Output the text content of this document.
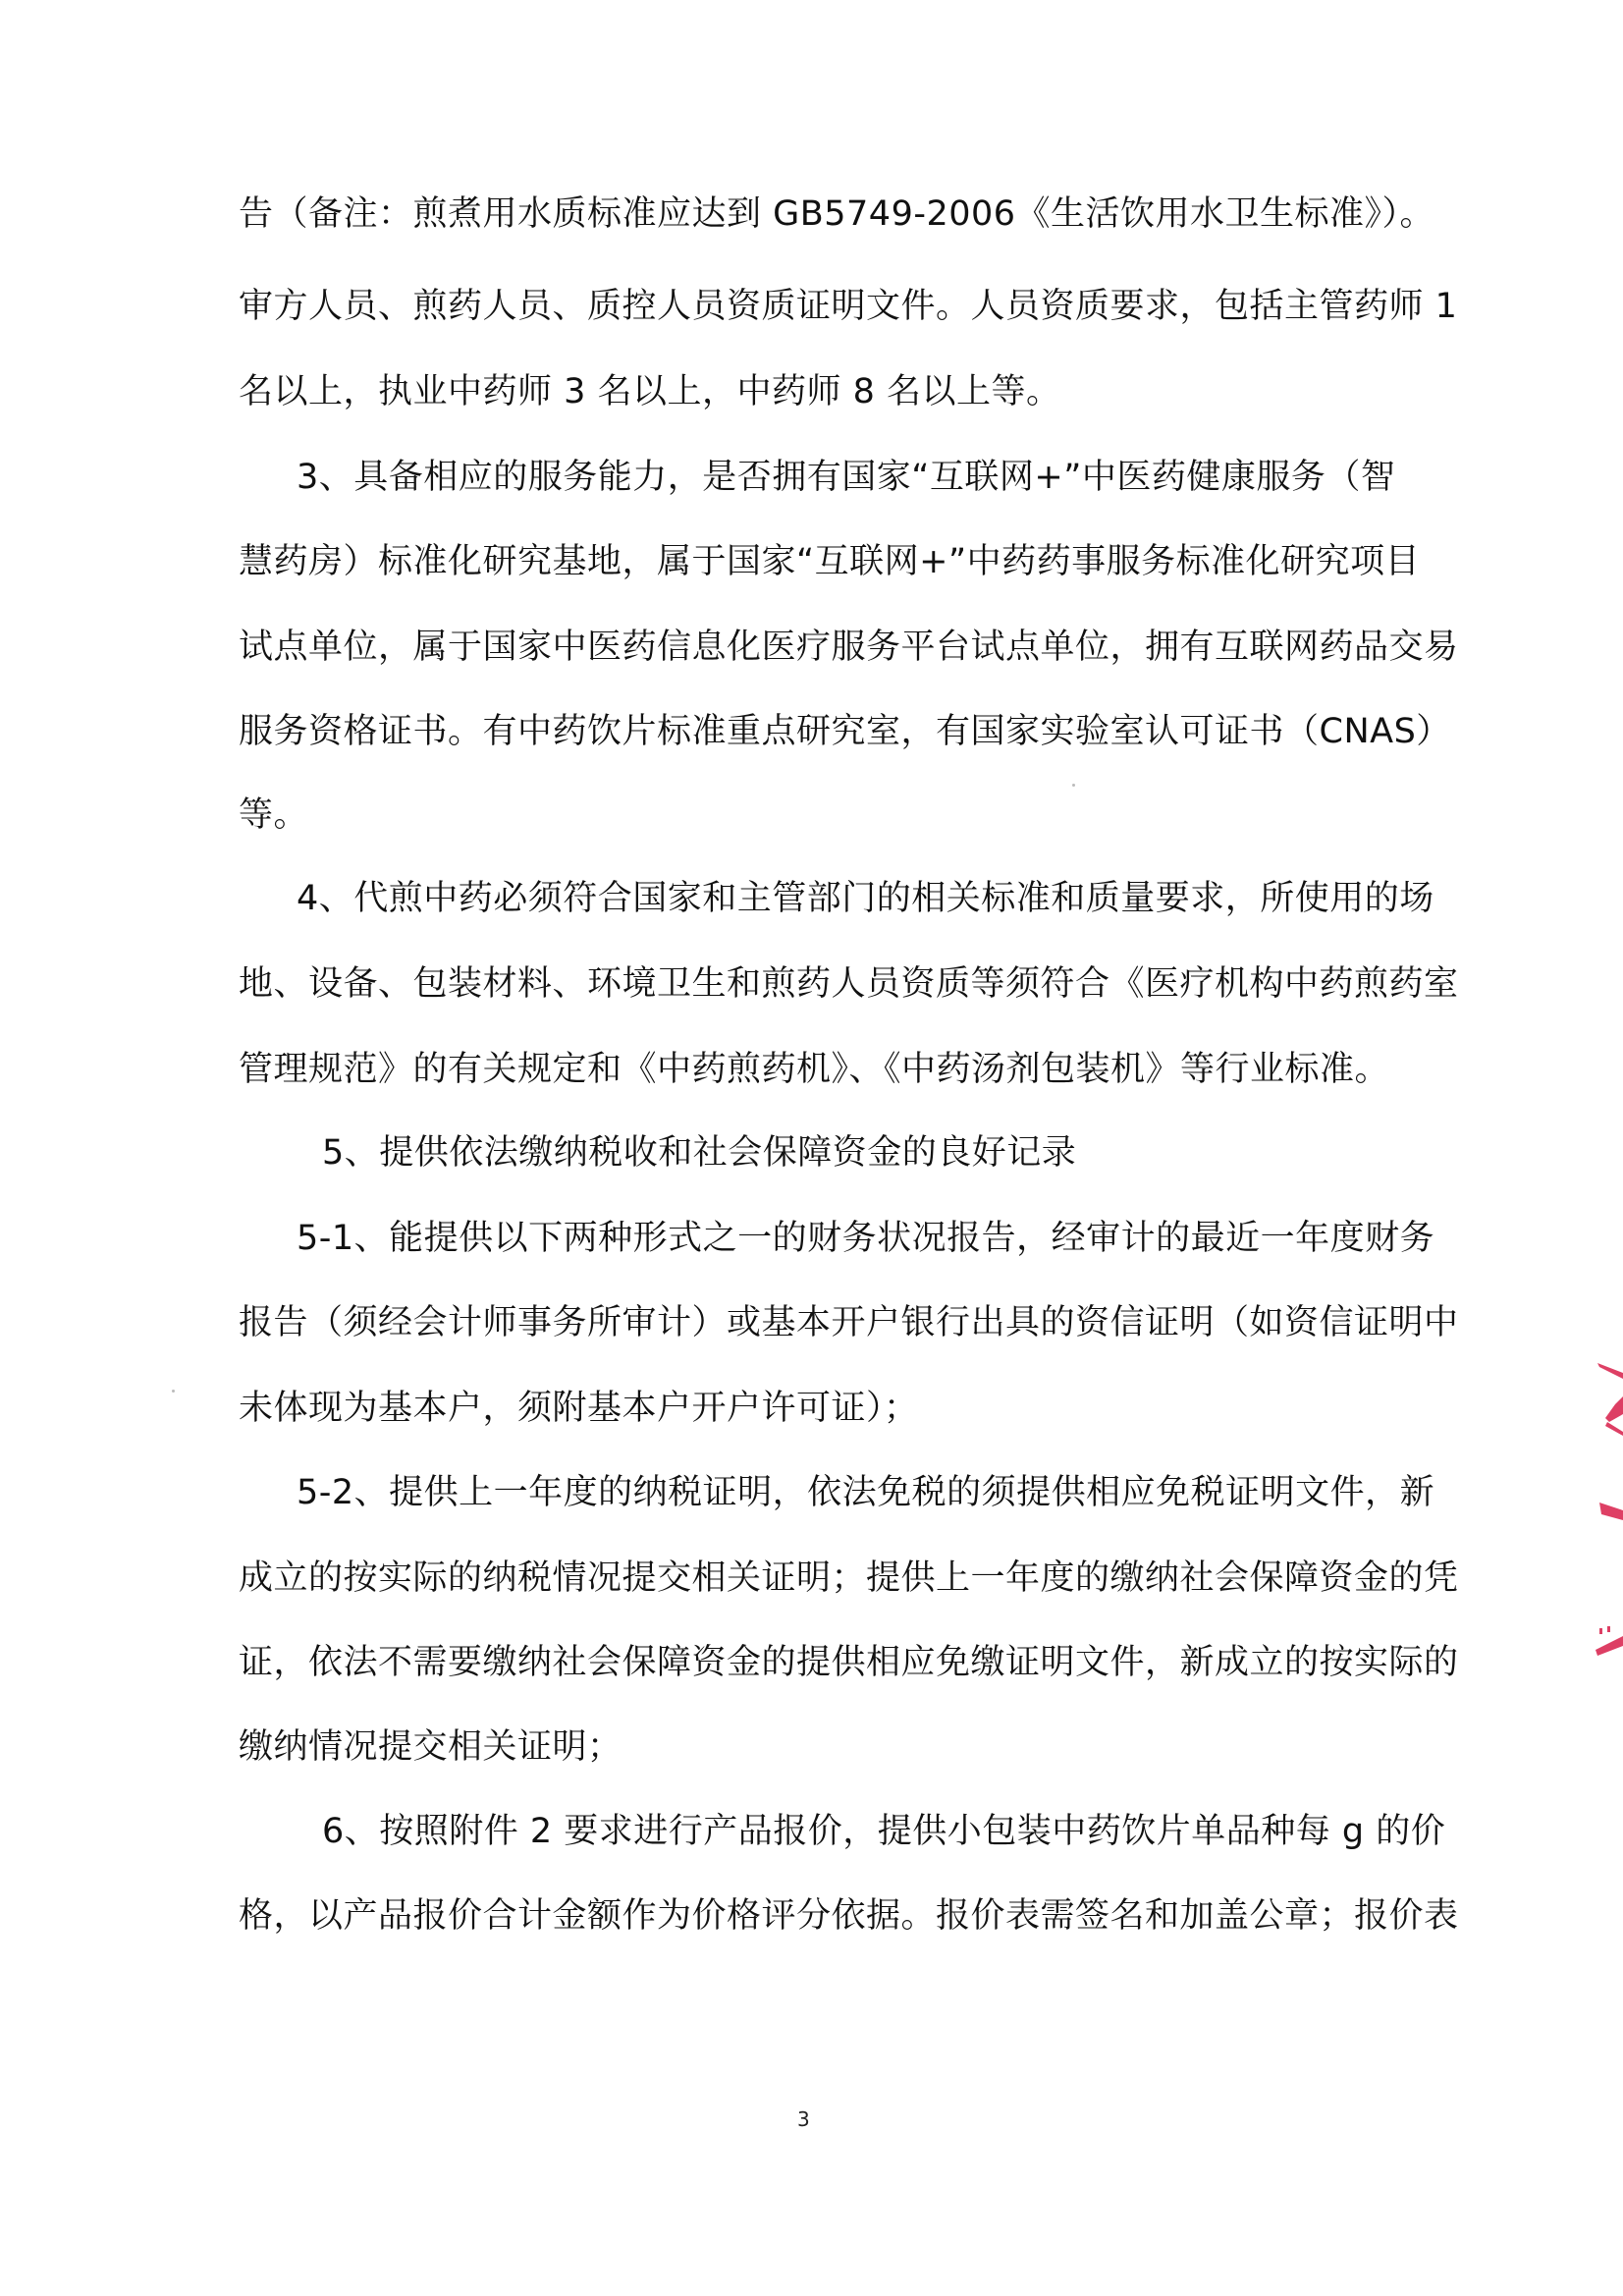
告（备注：煎煮用水质标准应达到 GB5749-2006《生活饮用水卫生标准》）。
审方人员、煎药人员、质控人员资质证明文件。人员资质要求，包括主管药师 1
名以上，执业中药师 3 名以上，中药师 8 名以上等。
3、具备相应的服务能力，是否拥有国家“互联网+”中医药健康服务（智
慧药房）标准化研究基地，属于国家“互联网+”中药药事服务标准化研究项目
试点单位，属于国家中医药信息化医疗服务平台试点单位，拥有互联网药品交易
服务资格证书。有中药饮片标准重点研究室，有国家实验室认可证书（CNAS）
等。
4、代煎中药必须符合国家和主管部门的相关标准和质量要求，所使用的场
地、设备、包装材料、环境卫生和煎药人员资质等须符合《医疗机构中药煎药室
管理规范》的有关规定和《中药煎药机》、《中药汤剂包装机》等行业标准。
5、提供依法缴纳税收和社会保障资金的良好记录
5-1、能提供以下两种形式之一的财务状况报告，经审计的最近一年度财务
报告（须经会计师事务所审计）或基本开户银行出具的资信证明（如资信证明中
未体现为基本户，须附基本户开户许可证）；
5-2、提供上一年度的纳税证明，依法免税的须提供相应免税证明文件，新
成立的按实际的纳税情况提交相关证明；提供上一年度的缴纳社会保障资金的凭
证，依法不需要缴纳社会保障资金的提供相应免缴证明文件，新成立的按实际的
缴纳情况提交相关证明；
6、按照附件 2 要求进行产品报价，提供小包装中药饮片单品种每 g 的价
格，以产品报价合计金额作为价格评分依据。报价表需签名和加盖公章；报价表
3
